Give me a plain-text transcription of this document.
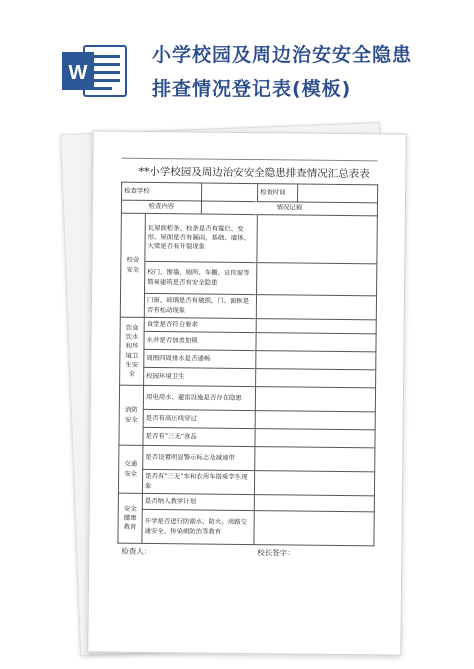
W
小学校园及周边治安安全隐患
排查情况登记表(模板)
**小学校园及周边治安安全隐患排查情况汇总表表
检查学校			检查时间	
检查内容		情况记载		
校舍安全	瓦屋面桁条、栓条是否有霉烂、变形，屋面是否有漏雨，基础、墙体、大梁是否有开裂现象			
	校门、围墙、厕所、车棚、宣传窗等简易建筑是否有安全隐患			
	门窗、玻璃是否有破损，门、窗框是否有松动现象			
饮食饮水和环境卫生安全	食堂是否符合要求			
	水井是否加盖加锁			
	周围四周排水是否通畅			
	校园环境卫生			
消防安全	用电用水、避雷设施是否存在隐患			
	是否有高压线穿过			
	是否有“三无”食品			
交通安全	是否设置明显警示标志及减速带			
	是否有“三无”车和农用车搭乘学生现象			
安全健康教育	是否纳入教学计划			
	开学是否进行防溺水、防火、用路交通安全、传染病防治等教育			
检查人：	校长签字：
